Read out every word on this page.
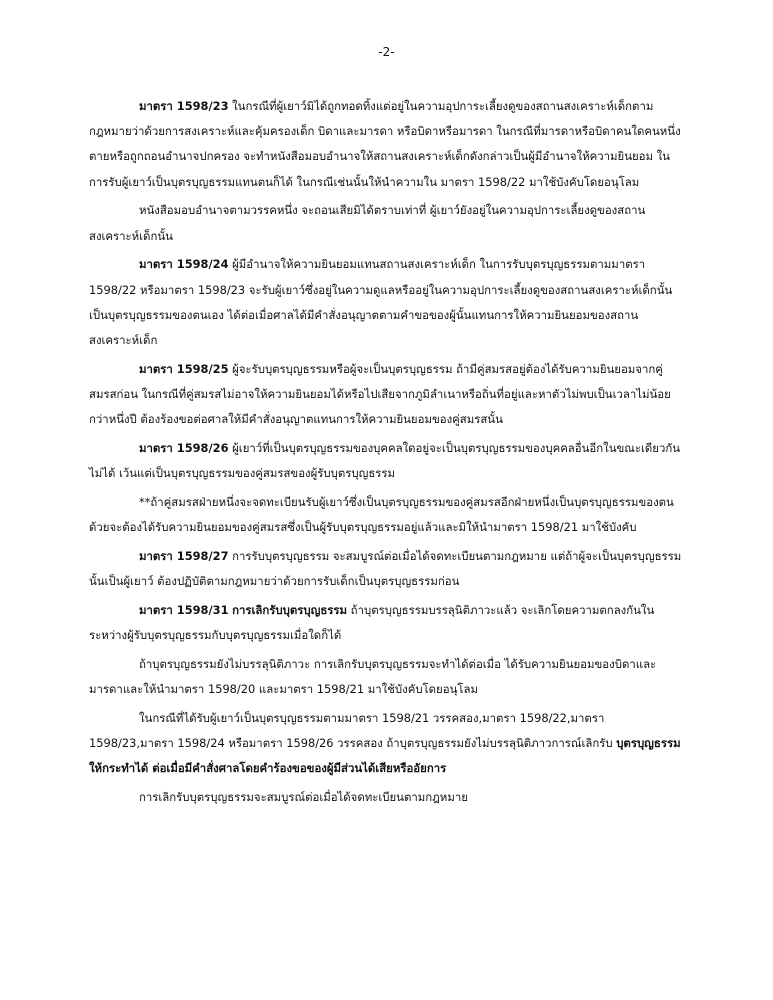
-2-

มาตรา 1598/23 ในกรณีที่ผู้เยาว์มิได้ถูกทอดทิ้งแต่อยู่ในความอุปการะเลี้ยงดูของสถานสงเคราะห์เด็กตามกฎหมายว่าด้วยการสงเคราะห์และคุ้มครองเด็ก บิดาและมารดา หรือบิดาหรือมารดา ในกรณีที่มารดาหรือบิดาคนใดคนหนึ่งตายหรือถูกถอนอำนาจปกครอง จะทำหนังสือมอบอำนาจให้สถานสงเคราะห์เด็กดังกล่าวเป็นผู้มีอำนาจให้ความยินยอม ในการรับผู้เยาว์เป็นบุตรบุญธรรมแทนตนก็ได้ ในกรณีเช่นนั้นให้นำความใน มาตรา 1598/22 มาใช้บังคับโดยอนุโลม

หนังสือมอบอำนาจตามวรรคหนึ่ง จะถอนเสียมิได้ตราบเท่าที่ ผู้เยาว์ยังอยู่ในความอุปการะเลี้ยงดูของสถานสงเคราะห์เด็กนั้น

มาตรา 1598/24 ผู้มีอำนาจให้ความยินยอมแทนสถานสงเคราะห์เด็ก ในการรับบุตรบุญธรรมตามมาตรา 1598/22 หรือมาตรา 1598/23 จะรับผู้เยาว์ซึ่งอยู่ในความดูแลหรืออยู่ในความอุปการะเลี้ยงดูของสถานสงเคราะห์เด็กนั้นเป็นบุตรบุญธรรมของตนเอง ได้ต่อเมื่อศาลได้มีคำสั่งอนุญาตตามคำขอของผู้นั้นแทนการให้ความยินยอมของสถานสงเคราะห์เด็ก

มาตรา 1598/25 ผู้จะรับบุตรบุญธรรมหรือผู้จะเป็นบุตรบุญธรรม ถ้ามีคู่สมรสอยู่ต้องได้รับความยินยอมจากคู่สมรสก่อน ในกรณีที่คู่สมรสไม่อาจให้ความยินยอมได้หรือไปเสียจากภูมิลำเนาหรือถิ่นที่อยู่และหาตัวไม่พบเป็นเวลาไม่น้อยกว่าหนึ่งปี ต้องร้องขอต่อศาลให้มีคำสั่งอนุญาตแทนการให้ความยินยอมของคู่สมรสนั้น

มาตรา 1598/26 ผู้เยาว์ที่เป็นบุตรบุญธรรมของบุคคลใดอยู่จะเป็นบุตรบุญธรรมของบุคคลอื่นอีกในขณะเดียวกันไม่ได้ เว้นแต่เป็นบุตรบุญธรรมของคู่สมรสของผู้รับบุตรบุญธรรม

**ถ้าคู่สมรสฝ่ายหนึ่งจะจดทะเบียนรับผู้เยาว์ซึ่งเป็นบุตรบุญธรรมของคู่สมรสอีกฝ่ายหนึ่งเป็นบุตรบุญธรรมของตนด้วยจะต้องได้รับความยินยอมของคู่สมรสซึ่งเป็นผู้รับบุตรบุญธรรมอยู่แล้วและมิให้นำมาตรา 1598/21 มาใช้บังคับ

มาตรา 1598/27 การรับบุตรบุญธรรม จะสมบูรณ์ต่อเมื่อได้จดทะเบียนตามกฎหมาย แต่ถ้าผู้จะเป็นบุตรบุญธรรมนั้นเป็นผู้เยาว์ ต้องปฏิบัติตามกฎหมายว่าด้วยการรับเด็กเป็นบุตรบุญธรรมก่อน

มาตรา 1598/31 การเลิกรับบุตรบุญธรรม ถ้าบุตรบุญธรรมบรรลุนิติภาวะแล้ว จะเลิกโดยความตกลงกันในระหว่างผู้รับบุตรบุญธรรมกับบุตรบุญธรรมเมื่อใดก็ได้

ถ้าบุตรบุญธรรมยังไม่บรรลุนิติภาวะ การเลิกรับบุตรบุญธรรมจะทำได้ต่อเมื่อ ได้รับความยินยอมของบิดาและมารดาและให้นำมาตรา 1598/20 และมาตรา 1598/21 มาใช้บังคับโดยอนุโลม

ในกรณีที่ได้รับผู้เยาว์เป็นบุตรบุญธรรมตามมาตรา 1598/21 วรรคสอง,มาตรา 1598/22,มาตรา 1598/23,มาตรา 1598/24 หรือมาตรา 1598/26 วรรคสอง ถ้าบุตรบุญธรรมยังไม่บรรลุนิติภาวการณ์เลิกรับ บุตรบุญธรรมให้กระทำได้ ต่อเมื่อมีคำสั่งศาลโดยคำร้องขอของผู้มีส่วนได้เสียหรืออัยการ

การเลิกรับบุตรบุญธรรมจะสมบูรณ์ต่อเมื่อได้จดทะเบียนตามกฎหมาย
